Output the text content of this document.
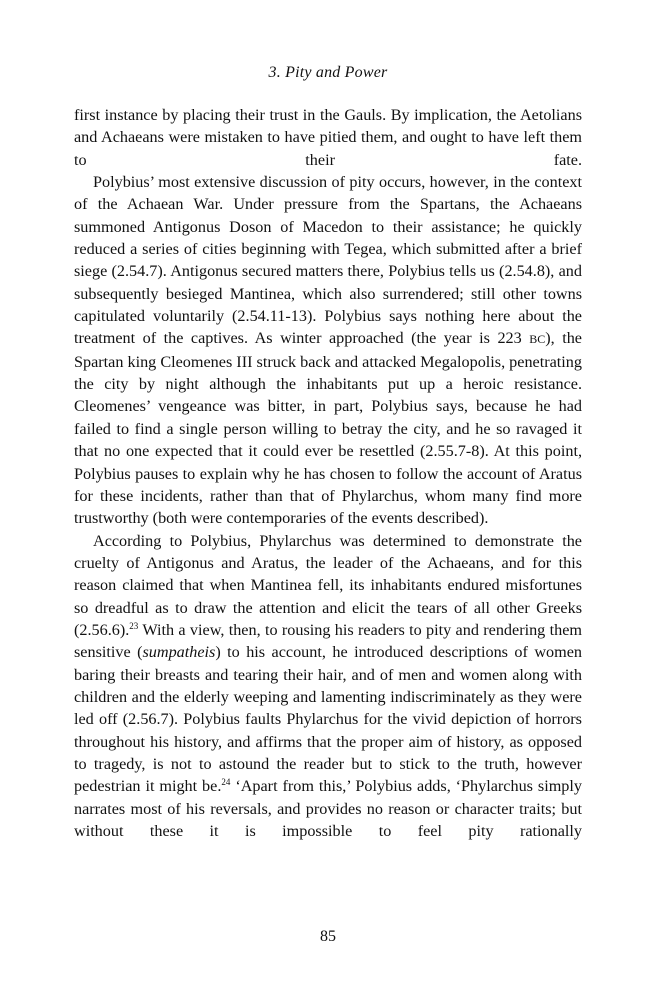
3. Pity and Power

first instance by placing their trust in the Gauls. By implication, the Aetolians and Achaeans were mistaken to have pitied them, and ought to have left them to their fate.

Polybius’ most extensive discussion of pity occurs, however, in the context of the Achaean War. Under pressure from the Spartans, the Achaeans summoned Antigonus Doson of Macedon to their assistance; he quickly reduced a series of cities beginning with Tegea, which submitted after a brief siege (2.54.7). Antigonus secured matters there, Polybius tells us (2.54.8), and subsequently besieged Mantinea, which also surrendered; still other towns capitulated voluntarily (2.54.11-13). Polybius says nothing here about the treatment of the captives. As winter approached (the year is 223 BC), the Spartan king Cleomenes III struck back and attacked Megalopolis, penetrating the city by night although the inhabitants put up a heroic resistance. Cleomenes’ vengeance was bitter, in part, Polybius says, because he had failed to find a single person willing to betray the city, and he so ravaged it that no one expected that it could ever be resettled (2.55.7-8). At this point, Polybius pauses to explain why he has chosen to follow the account of Aratus for these incidents, rather than that of Phylarchus, whom many find more trustworthy (both were contemporaries of the events described).

According to Polybius, Phylarchus was determined to demonstrate the cruelty of Antigonus and Aratus, the leader of the Achaeans, and for this reason claimed that when Mantinea fell, its inhabitants endured misfortunes so dreadful as to draw the attention and elicit the tears of all other Greeks (2.56.6).$^{23}$ With a view, then, to rousing his readers to pity and rendering them sensitive (sumpatheis) to his account, he introduced descriptions of women baring their breasts and tearing their hair, and of men and women along with children and the elderly weeping and lamenting indiscriminately as they were led off (2.56.7). Polybius faults Phylarchus for the vivid depiction of horrors throughout his history, and affirms that the proper aim of history, as opposed to tragedy, is not to astound the reader but to stick to the truth, however pedestrian it might be.$^{24}$ ‘Apart from this,’ Polybius adds, ‘Phylarchus simply narrates most of his reversals, and provides no reason or character traits; but without these it is impossible to feel pity rationally

85
